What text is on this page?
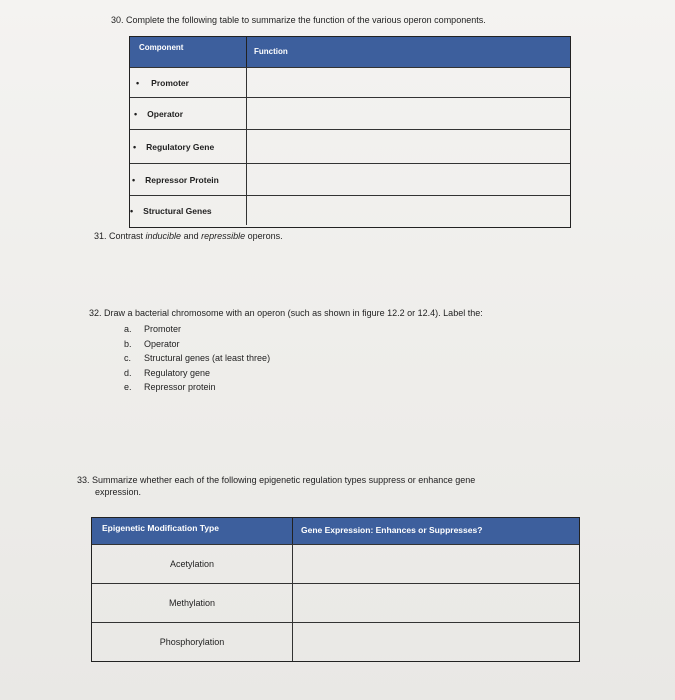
30. Complete the following table to summarize the function of the various operon components.
Component	Function
• Promoter
• Operator
• Regulatory Gene
• Repressor Protein
• Structural Genes
31. Contrast inducible and repressible operons.
32. Draw a bacterial chromosome with an operon (such as shown in figure 12.2 or 12.4). Label the:
a. Promoter
b. Operator
c.	Structural genes (at least three)
d. Regulatory gene
e. Repressor protein
33. Summarize whether each of the following epigenetic regulation types suppress or enhance gene
expression.
Epigenetic Modification Type	Gene Expression: Enhances or Suppresses?
Acetylation
Methylation
Phosphorylation
